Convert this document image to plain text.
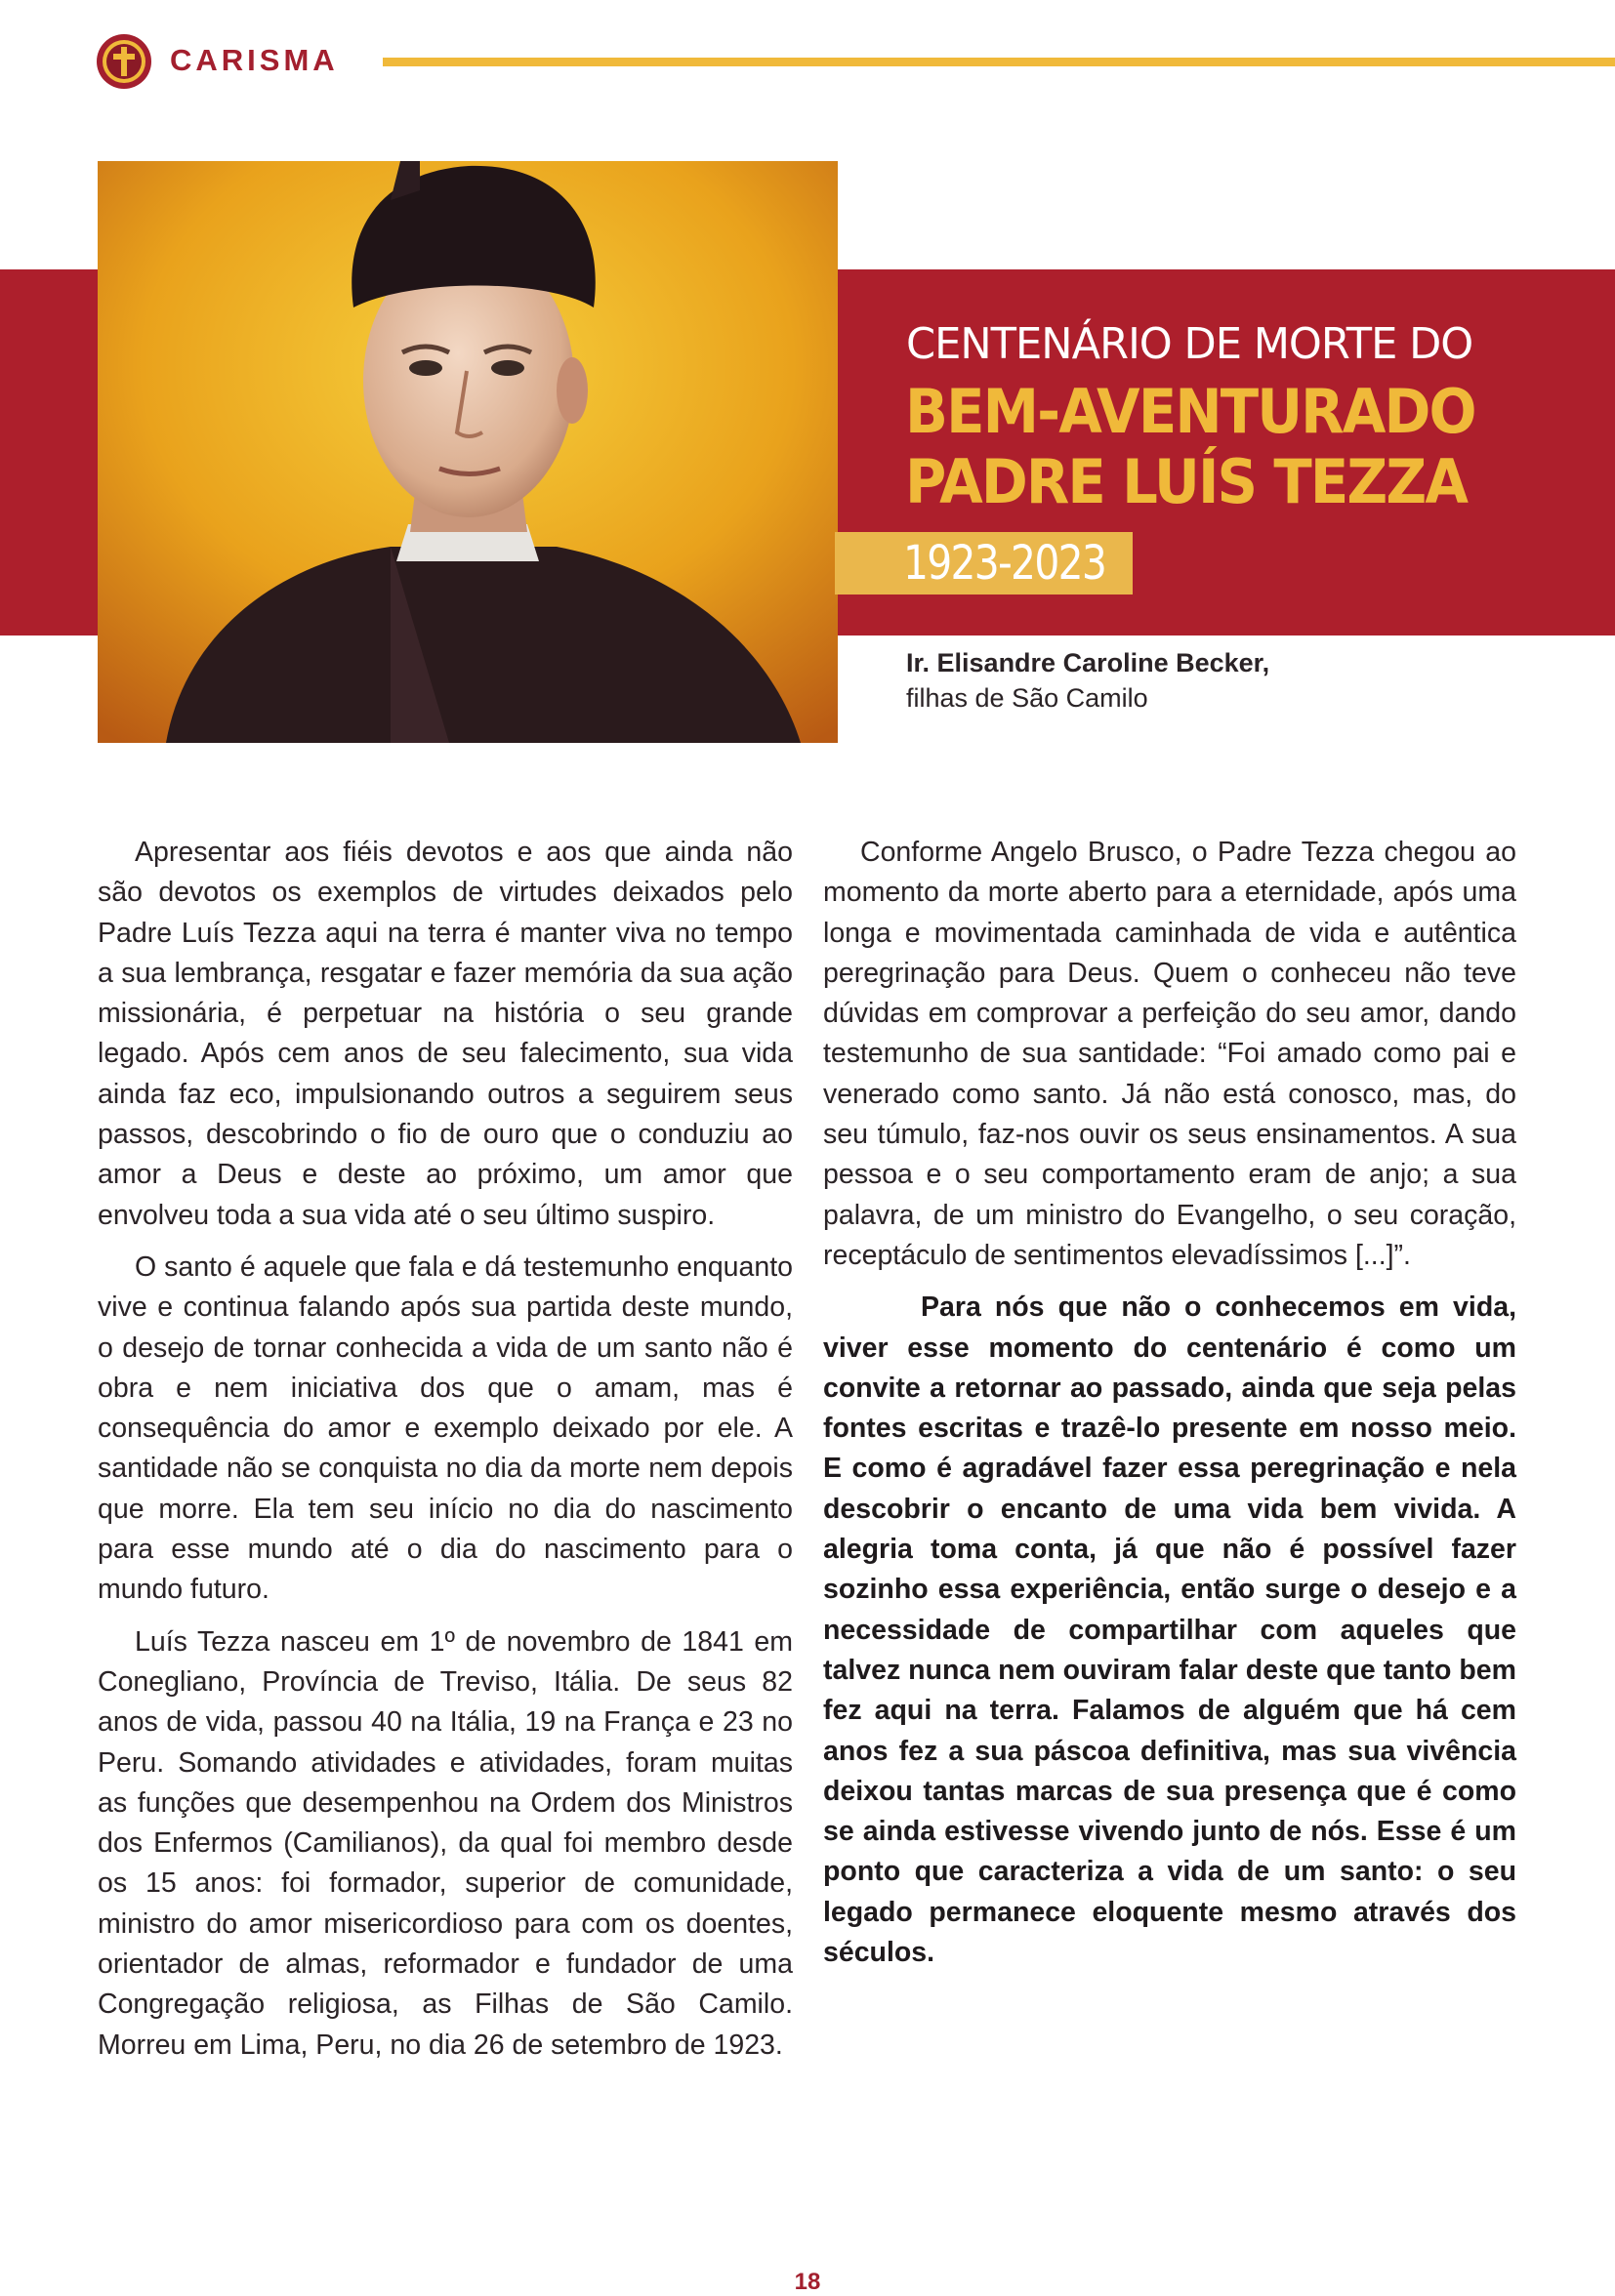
CARISMA
CENTENÁRIO DE MORTE DO
BEM-AVENTURADO
PADRE LUÍS TEZZA
1923-2023
Ir. Elisandre Caroline Becker,
filhas de São Camilo

Apresentar aos fiéis devotos e aos que ainda não são devotos os exemplos de virtudes deixados pelo Padre Luís Tezza aqui na terra é manter viva no tempo a sua lembrança, resgatar e fazer memória da sua ação missionária, é perpetuar na história o seu grande legado. Após cem anos de seu falecimento, sua vida ainda faz eco, impulsionando outros a seguirem seus passos, descobrindo o fio de ouro que o conduziu ao amor a Deus e deste ao próximo, um amor que envolveu toda a sua vida até o seu último suspiro.

O santo é aquele que fala e dá testemunho enquanto vive e continua falando após sua partida deste mundo, o desejo de tornar conhecida a vida de um santo não é obra e nem iniciativa dos que o amam, mas é consequência do amor e exemplo deixado por ele. A santidade não se conquista no dia da morte nem depois que morre. Ela tem seu início no dia do nascimento para esse mundo até o dia do nascimento para o mundo futuro.

Luís Tezza nasceu em 1º de novembro de 1841 em Conegliano, Província de Treviso, Itália. De seus 82 anos de vida, passou 40 na Itália, 19 na França e 23 no Peru. Somando atividades e atividades, foram muitas as funções que desempenhou na Ordem dos Ministros dos Enfermos (Camilianos), da qual foi membro desde os 15 anos: foi formador, superior de comunidade, ministro do amor misericordioso para com os doentes, orientador de almas, reformador e fundador de uma Congregação religiosa, as Filhas de São Camilo. Morreu em Lima, Peru, no dia 26 de setembro de 1923.

Conforme Angelo Brusco, o Padre Tezza chegou ao momento da morte aberto para a eternidade, após uma longa e movimentada caminhada de vida e autêntica peregrinação para Deus. Quem o conheceu não teve dúvidas em comprovar a perfeição do seu amor, dando testemunho de sua santidade: “Foi amado como pai e venerado como santo. Já não está conosco, mas, do seu túmulo, faz-nos ouvir os seus ensinamentos. A sua pessoa e o seu comportamento eram de anjo; a sua palavra, de um ministro do Evangelho, o seu coração, receptáculo de sentimentos elevadíssimos [...]”.

Para nós que não o conhecemos em vida, viver esse momento do centenário é como um convite a retornar ao passado, ainda que seja pelas fontes escritas e trazê-lo presente em nosso meio. E como é agradável fazer essa peregrinação e nela descobrir o encanto de uma vida bem vivida. A alegria toma conta, já que não é possível fazer sozinho essa experiência, então surge o desejo e a necessidade de compartilhar com aqueles que talvez nunca nem ouviram falar deste que tanto bem fez aqui na terra. Falamos de alguém que há cem anos fez a sua páscoa definitiva, mas sua vivência deixou tantas marcas de sua presença que é como se ainda estivesse vivendo junto de nós. Esse é um ponto que caracteriza a vida de um santo: o seu legado permanece eloquente mesmo através dos séculos.

18
